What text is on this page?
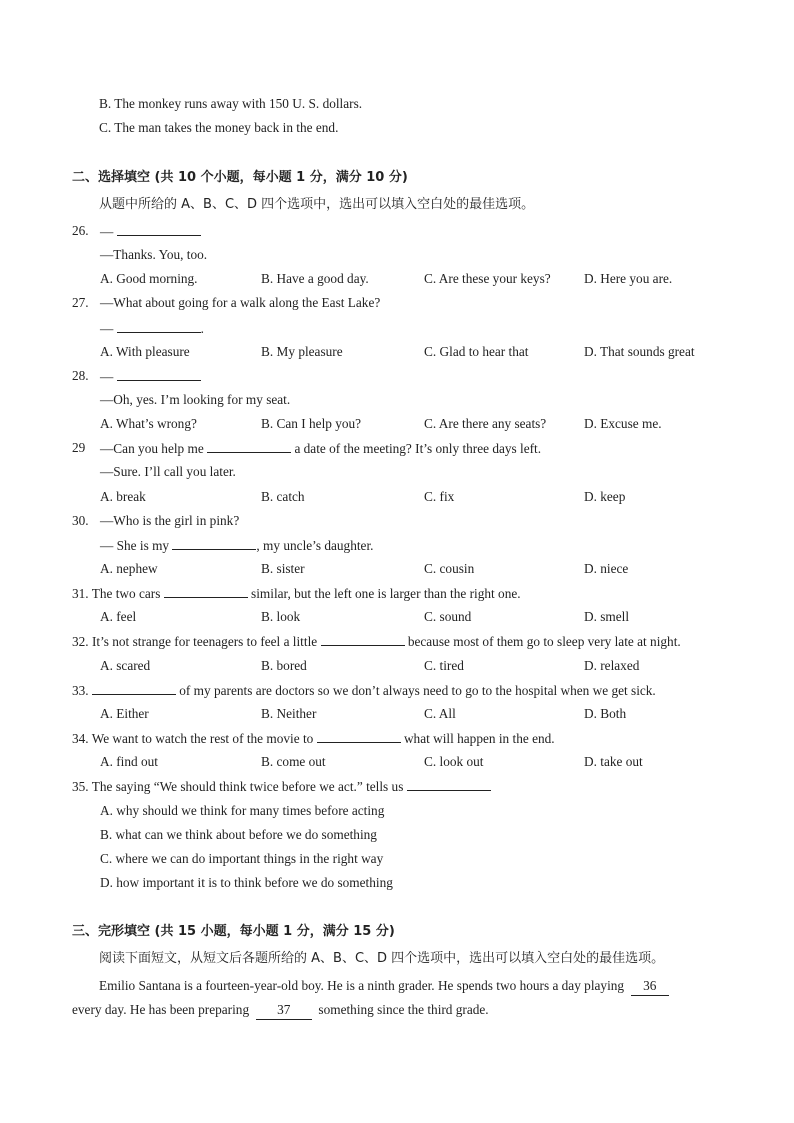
B. The monkey runs away with 150 U. S. dollars.
C. The man takes the money back in the end.
二、选择填空 (共 10 个小题，每小题 1 分，满分 10 分)
从题中所给的 A、B、C、D 四个选项中，选出可以填入空白处的最佳选项。
26. —
—Thanks. You, too.
A. Good morning.	B. Have a good day.	C. Are these your keys?	D. Here you are.
27. —What about going for a walk along the East Lake?
—	.
A. With pleasure	B. My pleasure	C. Glad to hear that	D. That sounds great
28. —
—Oh, yes. I’m looking for my seat.
A. What’s wrong?	B. Can I help you?	C. Are there any seats?	D. Excuse me.
29 —Can you help me	a date of the meeting? It’s only three days left.
—Sure. I’ll call you later.
A. break	B. catch	C. fix	D. keep
30. —Who is the girl in pink?
— She is my	, my uncle’s daughter.
A. nephew	B. sister	C. cousin	D. niece
31. The two cars	similar, but the left one is larger than the right one.
A. feel	B. look	C. sound	D. smell
32. It’s not strange for teenagers to feel a little	because most of them go to sleep very late at night.
A. scared	B. bored	C. tired	D. relaxed
33.	of my parents are doctors so we don’t always need to go to the hospital when we get sick.
A. Either	B. Neither	C. All	D. Both
34. We want to watch the rest of the movie to	what will happen in the end.
A. find out	B. come out	C. look out	D. take out
35. The saying “We should think twice before we act.” tells us
A. why should we think for many times before acting
B. what can we think about before we do something
C. where we can do important things in the right way
D. how important it is to think before we do something
三、完形填空 (共 15 小题，每小题 1 分，满分 15 分)
阅读下面短文，从短文后各题所给的 A、B、C、D 四个选项中，选出可以填入空白处的最佳选项。
Emilio Santana is a fourteen-year-old boy. He is a ninth grader. He spends two hours a day playing 36
every day. He has been preparing 37 something since the third grade.
